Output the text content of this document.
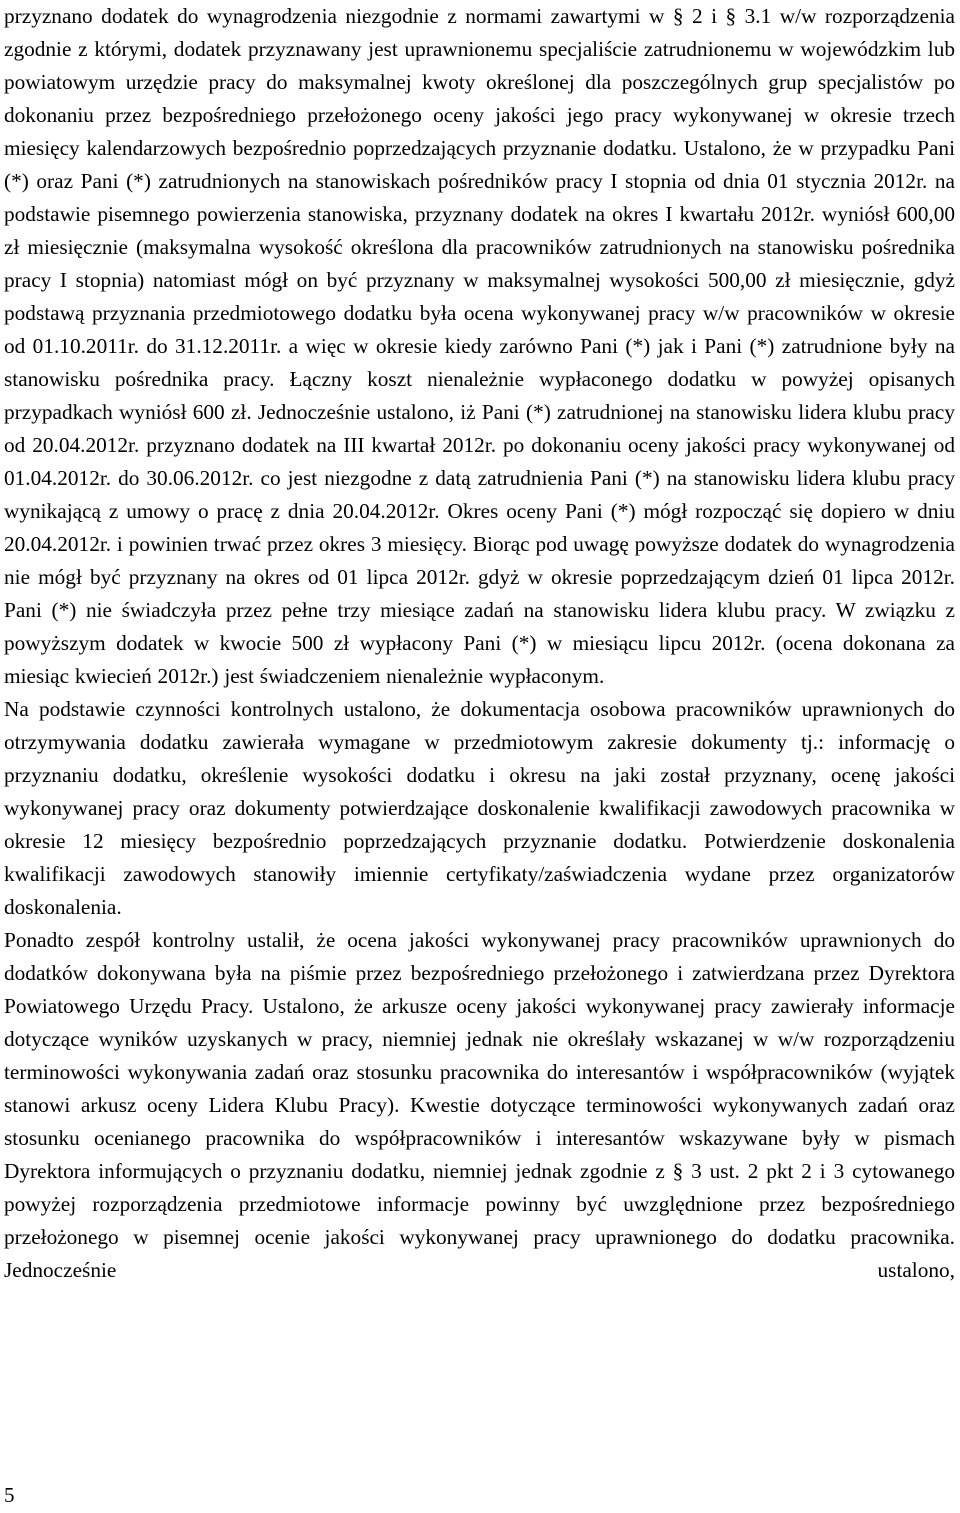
przyznano dodatek do wynagrodzenia niezgodnie z normami zawartymi w § 2 i § 3.1 w/w rozporządzenia zgodnie z którymi, dodatek przyznawany jest uprawnionemu specjaliście zatrudnionemu w wojewódzkim lub powiatowym urzędzie pracy do maksymalnej kwoty określonej dla poszczególnych grup specjalistów po dokonaniu przez bezpośredniego przełożonego oceny jakości jego pracy wykonywanej w okresie trzech miesięcy kalendarzowych bezpośrednio poprzedzających przyznanie dodatku. Ustalono, że w przypadku Pani (*) oraz Pani (*) zatrudnionych na stanowiskach pośredników pracy I stopnia od dnia 01 stycznia 2012r. na podstawie pisemnego powierzenia stanowiska, przyznany dodatek na okres I kwartału 2012r. wyniósł 600,00 zł miesięcznie (maksymalna wysokość określona dla pracowników zatrudnionych na stanowisku pośrednika pracy I stopnia) natomiast mógł on być przyznany w maksymalnej wysokości 500,00 zł miesięcznie, gdyż podstawą przyznania przedmiotowego dodatku była ocena wykonywanej pracy w/w pracowników w okresie od 01.10.2011r. do 31.12.2011r. a więc w okresie kiedy zarówno Pani (*) jak i Pani (*) zatrudnione były na stanowisku pośrednika pracy. Łączny koszt nienależnie wypłaconego dodatku w powyżej opisanych przypadkach wyniósł 600 zł. Jednocześnie ustalono, iż Pani (*) zatrudnionej na stanowisku lidera klubu pracy od 20.04.2012r. przyznano dodatek na III kwartał 2012r. po dokonaniu oceny jakości pracy wykonywanej od 01.04.2012r. do 30.06.2012r. co jest niezgodne z datą zatrudnienia Pani (*) na stanowisku lidera klubu pracy wynikającą z umowy o pracę z dnia 20.04.2012r. Okres oceny Pani (*) mógł rozpocząć się dopiero w dniu 20.04.2012r. i powinien trwać przez okres 3 miesięcy. Biorąc pod uwagę powyższe dodatek do wynagrodzenia nie mógł być przyznany na okres od 01 lipca 2012r. gdyż w okresie poprzedzającym dzień 01 lipca 2012r. Pani (*) nie świadczyła przez pełne trzy miesiące zadań na stanowisku lidera klubu pracy. W związku z powyższym dodatek w kwocie 500 zł wypłacony Pani (*) w miesiącu lipcu 2012r. (ocena dokonana za miesiąc kwiecień 2012r.) jest świadczeniem nienależnie wypłaconym.

Na podstawie czynności kontrolnych ustalono, że dokumentacja osobowa pracowników uprawnionych do otrzymywania dodatku zawierała wymagane w przedmiotowym zakresie dokumenty tj.: informację o przyznaniu dodatku, określenie wysokości dodatku i okresu na jaki został przyznany, ocenę jakości wykonywanej pracy oraz dokumenty potwierdzające doskonalenie kwalifikacji zawodowych pracownika w okresie 12 miesięcy bezpośrednio poprzedzających przyznanie dodatku. Potwierdzenie doskonalenia kwalifikacji zawodowych stanowiły imiennie certyfikaty/zaświadczenia wydane przez organizatorów doskonalenia.

Ponadto zespół kontrolny ustalił, że ocena jakości wykonywanej pracy pracowników uprawnionych do dodatków dokonywana była na piśmie przez bezpośredniego przełożonego i zatwierdzana przez Dyrektora Powiatowego Urzędu Pracy. Ustalono, że arkusze oceny jakości wykonywanej pracy zawierały informacje dotyczące wyników uzyskanych w pracy, niemniej jednak nie określały wskazanej w w/w rozporządzeniu terminowości wykonywania zadań oraz stosunku pracownika do interesantów i współpracowników (wyjątek stanowi arkusz oceny Lidera Klubu Pracy). Kwestie dotyczące terminowości wykonywanych zadań oraz stosunku ocenianego pracownika do współpracowników i interesantów wskazywane były w pismach Dyrektora informujących o przyznaniu dodatku, niemniej jednak zgodnie z § 3 ust. 2 pkt 2 i 3 cytowanego powyżej rozporządzenia przedmiotowe informacje powinny być uwzględnione przez bezpośredniego przełożonego w pisemnej ocenie jakości wykonywanej pracy uprawnionego do dodatku pracownika. Jednocześnie ustalono,

5
